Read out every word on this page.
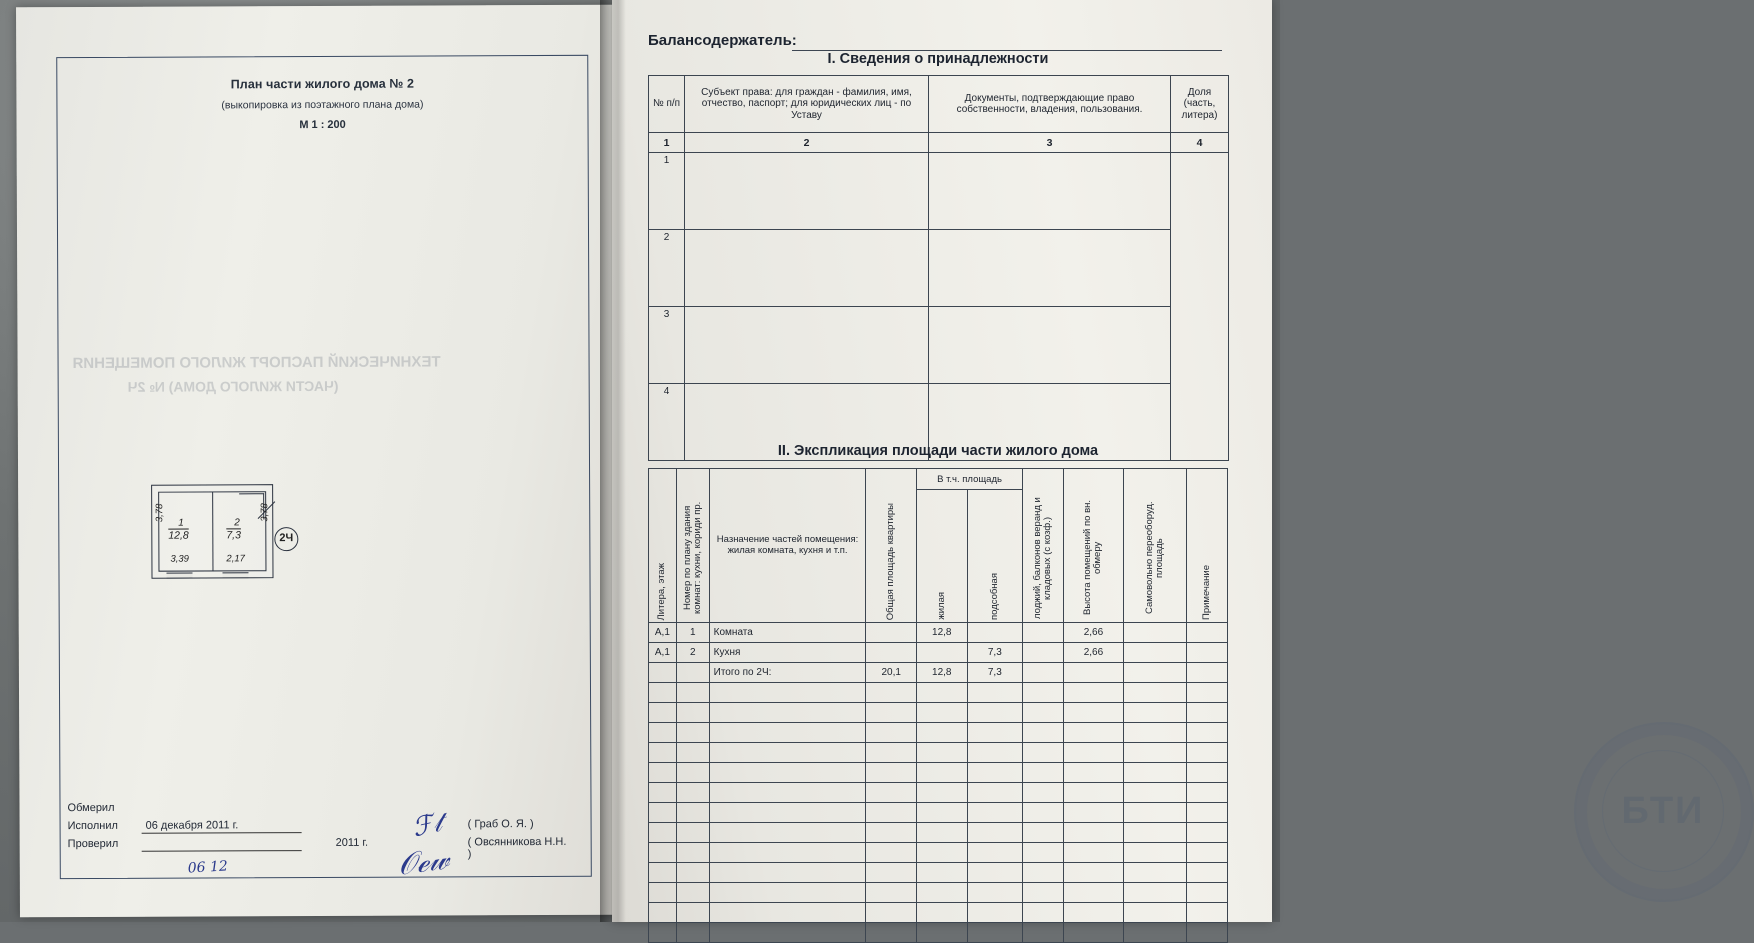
План части жилого дома № 2
(выкопировка из поэтажного плана дома)
М 1 : 200
ТЕХНИЧЕСКИЙ ПАСПОРТ ЖИЛОГО ПОМЕЩЕНИЯ
(ЧАСТИ ЖИЛОГО ДОМА) № 2Ч
3,78	3,78
1
12,8
2
7,3
3,39	2,17
2Ч
Обмерил
Исполнил	06 декабря 2011 г.	( Граб О. Я. )
ℱ𝓉
Проверил
	2011 г.	( Овсянникова Н.Н. )
𝒪ℯ𝓌
06 12
Балансодержатель:
I. Сведения о принадлежности
№ п/п	Субъект права: для граждан - фамилия, имя, отчество, паспорт; для юридических лиц - по Уставу	Документы, подтверждающие право собственности, владения, пользования.	Доля (часть, литера)
1	2	3	4
1			
2			
3			
4			
II. Экспликация площади части жилого дома
Литера, этаж	Номер по плану здания комнат: кухни, кориди пр.	Назначение частей помещения: жилая комната, кухня и т.п.	Общая площадь квартиры	В т.ч. площадь		лоджий, балконов веранд и кладовых (с козф.)	Высота помещений по вн. обмеру	Самовольно переоборуд. площадь	Примечание

				жилая	подсобная				

А,1	1	Комната		12,8			2,66		
А,1	2	Кухня			7,3		2,66		
		Итого по 2Ч:	20,1	12,8	7,3				

БТИ
